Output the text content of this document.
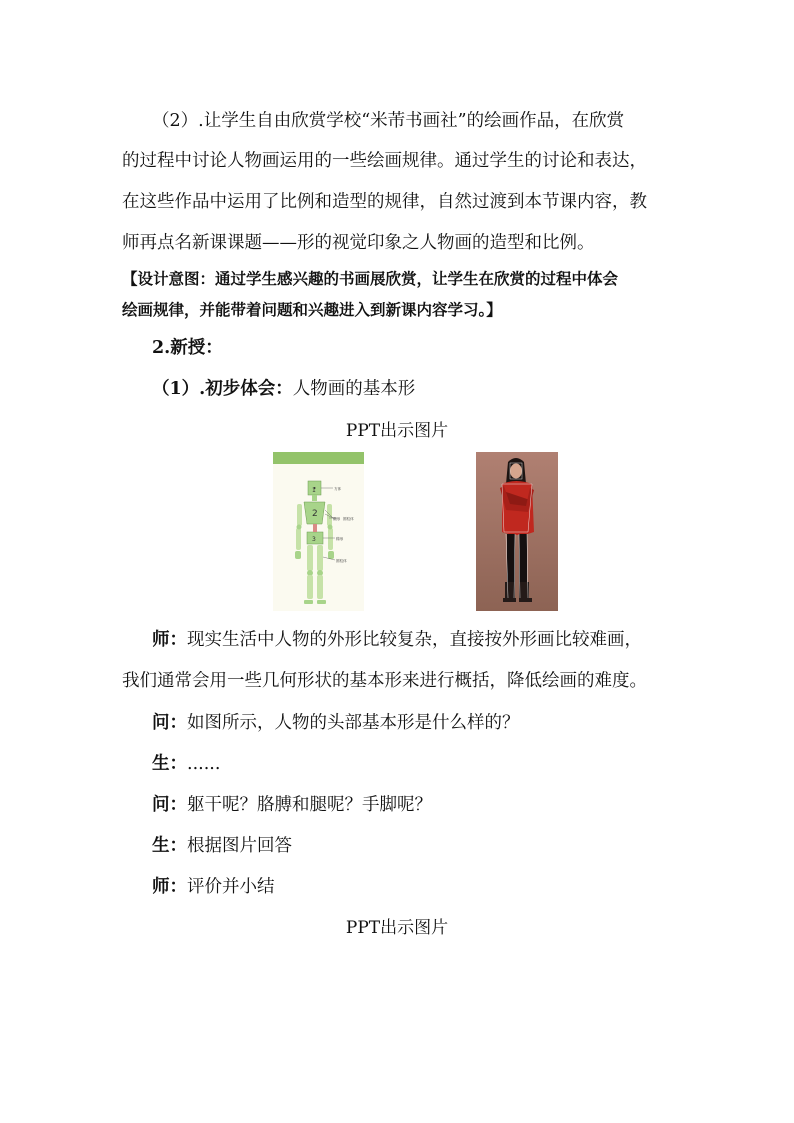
（2）.让学生自由欣赏学校“米芾书画社”的绘画作品，在欣赏
的过程中讨论人物画运用的一些绘画规律。通过学生的讨论和表达，
在这些作品中运用了比例和造型的规律，自然过渡到本节课内容，教
师再点名新课课题——形的视觉印象之人物画的造型和比例。
【设计意图：通过学生感兴趣的书画展欣赏，让学生在欣赏的过程中体会
绘画规律，并能带着问题和兴趣进入到新课内容学习。】
2.新授：
（1）.初步体会：人物画的基本形
PPT出示图片
1
2
3
方体
椭形 圆柱体
梯形
圆柱体
师：现实生活中人物的外形比较复杂，直接按外形画比较难画，
我们通常会用一些几何形状的基本形来进行概括，降低绘画的难度。
问：如图所示，人物的头部基本形是什么样的？
生：......
问：躯干呢？胳膊和腿呢？手脚呢？
生：根据图片回答
师：评价并小结
PPT出示图片
